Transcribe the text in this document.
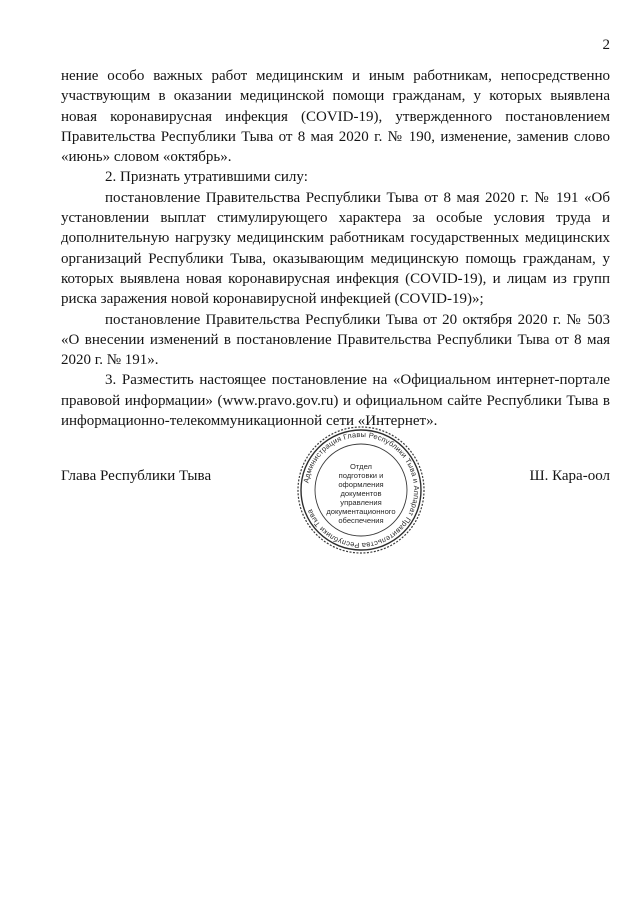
2

нение особо важных работ медицинским и иным работникам, непосредственно участвующим в оказании медицинской помощи гражданам, у которых выявлена новая коронавирусная инфекция (COVID-19), утвержденного постановлением Правительства Республики Тыва от 8 мая 2020 г. № 190, изменение, заменив слово «июнь» словом «октябрь».

2. Признать утратившими силу:

постановление Правительства Республики Тыва от 8 мая 2020 г. № 191 «Об установлении выплат стимулирующего характера за особые условия труда и дополнительную нагрузку медицинским работникам государственных медицинских организаций Республики Тыва, оказывающим медицинскую помощь гражданам, у которых выявлена новая коронавирусная инфекция (COVID-19), и лицам из групп риска заражения новой коронавирусной инфекцией (COVID-19)»;

постановление Правительства Республики Тыва от 20 октября 2020 г. № 503 «О внесении изменений в постановление Правительства Республики Тыва от 8 мая 2020 г. № 191».

3. Разместить настоящее постановление на «Официальном интернет-портале правовой информации» (www.pravo.gov.ru) и официальном сайте Республики Тыва в информационно-телекоммуникационной сети «Интернет».

Глава Республики Тывa	Ш. Кара-оол
Администрация Главы Республики Тыва и Аппарат Правительства Республики Тыва
Отдел
подготовки и
оформления документов
управления
документационного
обеспечения
